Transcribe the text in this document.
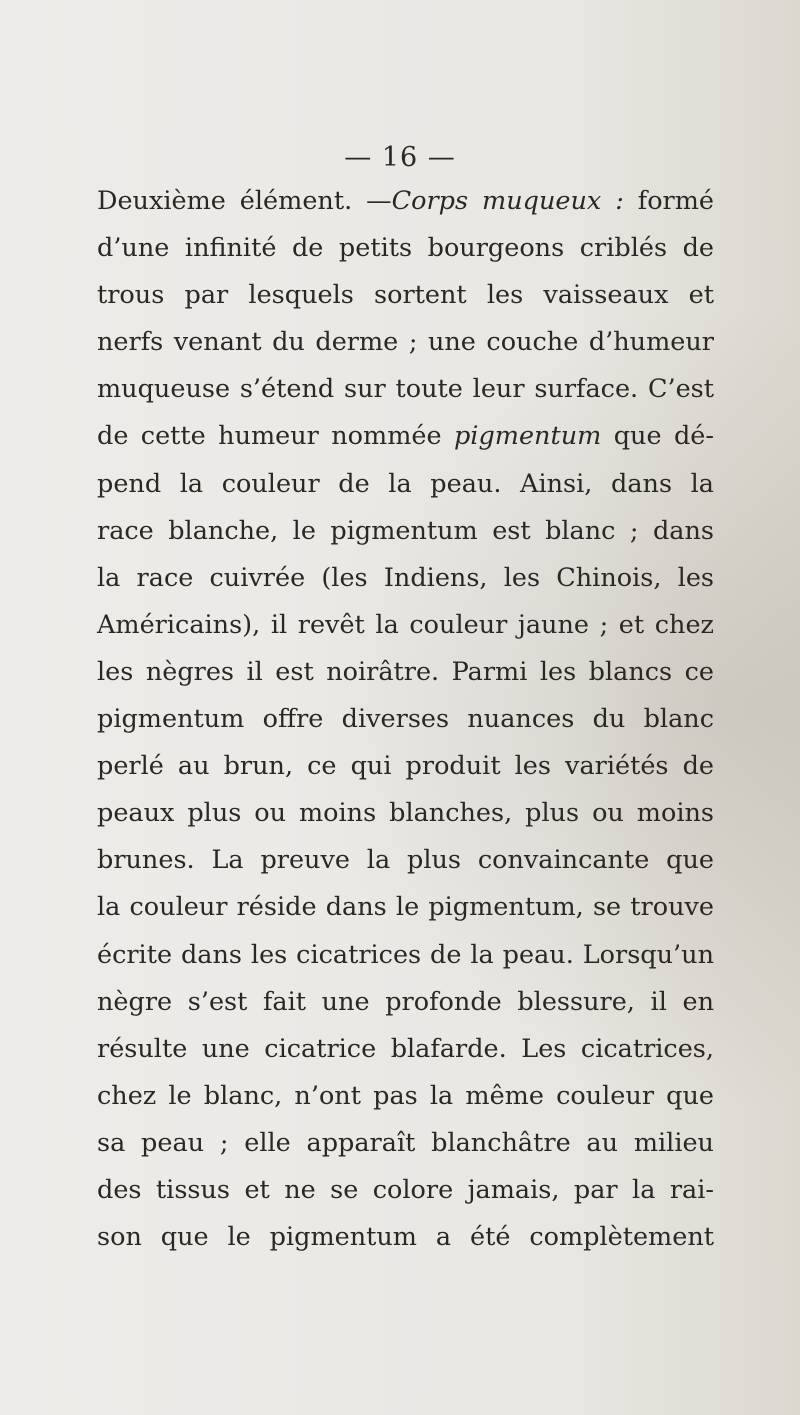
— 16 —
Deuxième élément. —Corps muqueux : formé
d’une infinité de petits bourgeons criblés de
trous par lesquels sortent les vaisseaux et
nerfs venant du derme ; une couche d’humeur
muqueuse s’étend sur toute leur surface. C’est
de cette humeur nommée pigmentum que dé-
pend la couleur de la peau. Ainsi, dans la
race blanche, le pigmentum est blanc ; dans
la race cuivrée (les Indiens, les Chinois, les
Américains), il revêt la couleur jaune ; et chez
les nègres il est noirâtre. Parmi les blancs ce
pigmentum offre diverses nuances du blanc
perlé au brun, ce qui produit les variétés de
peaux plus ou moins blanches, plus ou moins
brunes. La preuve la plus convaincante que
la couleur réside dans le pigmentum, se trouve
écrite dans les cicatrices de la peau. Lorsqu’un
nègre s’est fait une profonde blessure, il en
résulte une cicatrice blafarde. Les cicatrices,
chez le blanc, n’ont pas la même couleur que
sa peau ; elle apparaît blanchâtre au milieu
des tissus et ne se colore jamais, par la rai-
son que le pigmentum a été complètement
